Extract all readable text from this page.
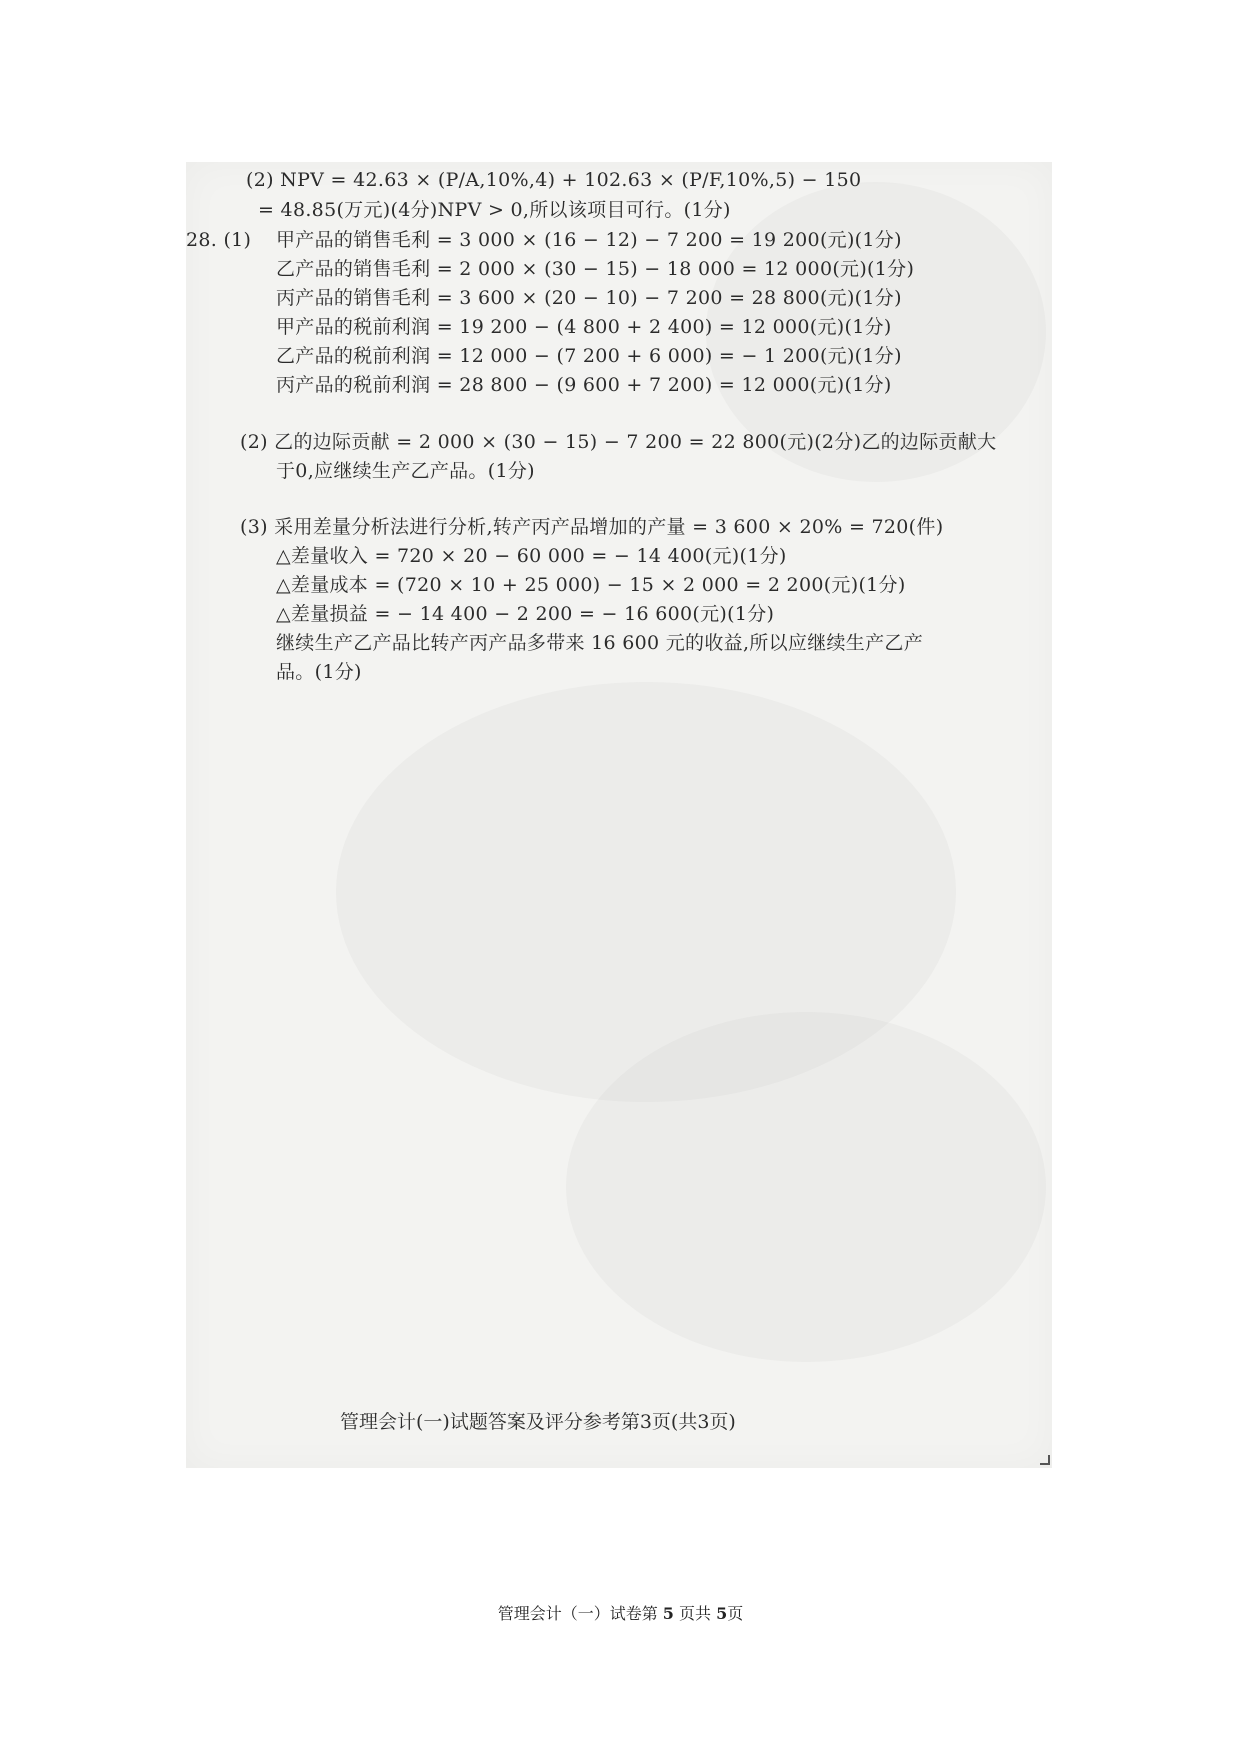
(2) NPV = 42.63 × (P/A,10%,4) + 102.63 × (P/F,10%,5) − 150
= 48.85(万元)(4分)NPV > 0,所以该项目可行。(1分)
28. (1) 甲产品的销售毛利 = 3 000 × (16 − 12) − 7 200 = 19 200(元)(1分)
乙产品的销售毛利 = 2 000 × (30 − 15) − 18 000 = 12 000(元)(1分)
丙产品的销售毛利 = 3 600 × (20 − 10) − 7 200 = 28 800(元)(1分)
甲产品的税前利润 = 19 200 − (4 800 + 2 400) = 12 000(元)(1分)
乙产品的税前利润 = 12 000 − (7 200 + 6 000) = − 1 200(元)(1分)
丙产品的税前利润 = 28 800 − (9 600 + 7 200) = 12 000(元)(1分)
(2) 乙的边际贡献 = 2 000 × (30 − 15) − 7 200 = 22 800(元)(2分)乙的边际贡献大
于0,应继续生产乙产品。(1分)
(3) 采用差量分析法进行分析,转产丙产品增加的产量 = 3 600 × 20% = 720(件)
△差量收入 = 720 × 20 − 60 000 = − 14 400(元)(1分)
△差量成本 = (720 × 10 + 25 000) − 15 × 2 000 = 2 200(元)(1分)
△差量损益 = − 14 400 − 2 200 = − 16 600(元)(1分)
继续生产乙产品比转产丙产品多带来 16 600 元的收益,所以应继续生产乙产
品。(1分)
管理会计(一)试题答案及评分参考第3页(共3页)
管理会计（一）试卷第 5 页共 5页
